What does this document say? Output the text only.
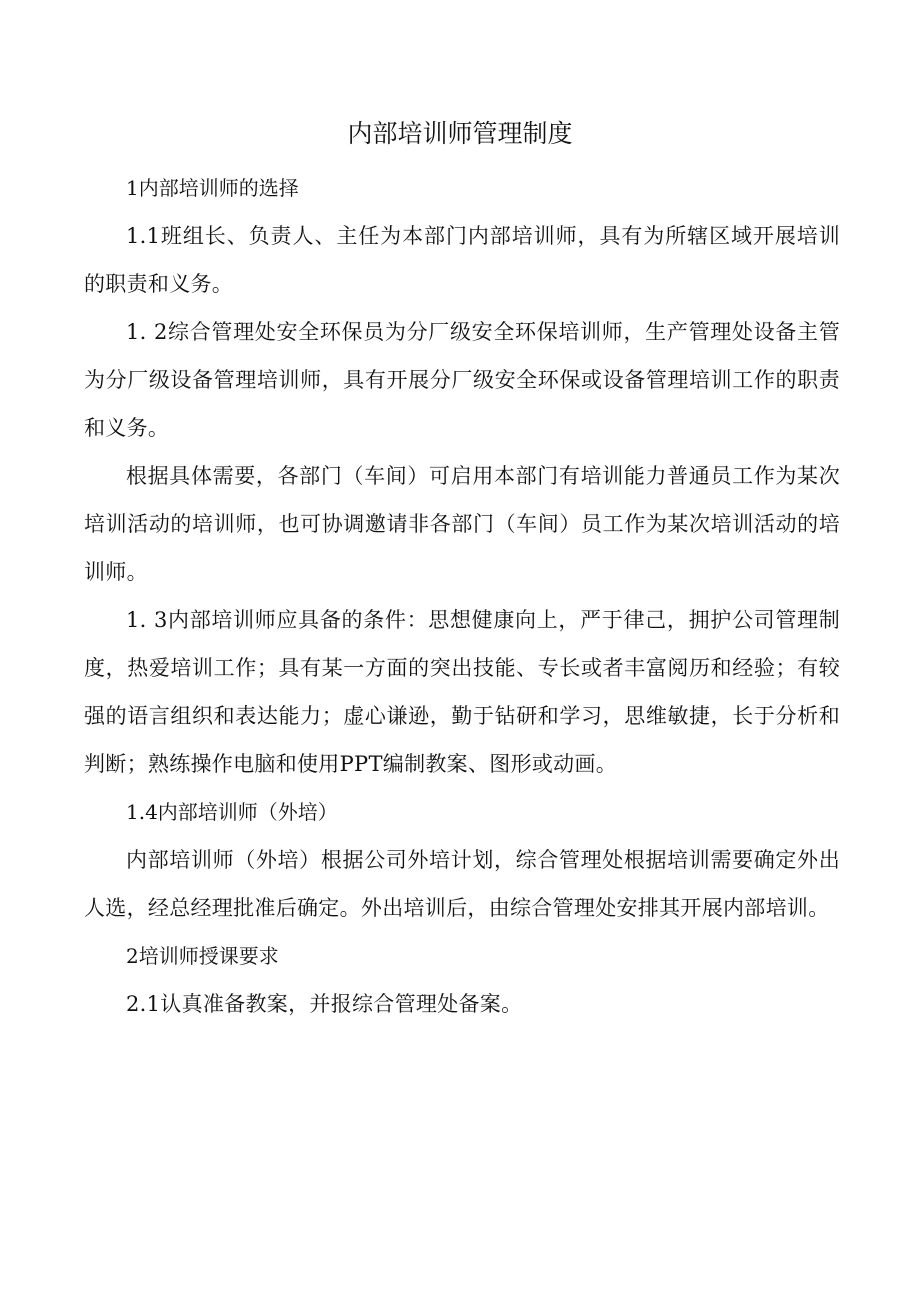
内部培训师管理制度

1内部培训师的选择

1.1班组长、负责人、主任为本部门内部培训师，具有为所辖区域开展培训的职责和义务。

1. 2综合管理处安全环保员为分厂级安全环保培训师，生产管理处设备主管为分厂级设备管理培训师，具有开展分厂级安全环保或设备管理培训工作的职责和义务。

根据具体需要，各部门（车间）可启用本部门有培训能力普通员工作为某次培训活动的培训师，也可协调邀请非各部门（车间）员工作为某次培训活动的培训师。

1. 3内部培训师应具备的条件：思想健康向上，严于律己，拥护公司管理制度，热爱培训工作；具有某一方面的突出技能、专长或者丰富阅历和经验；有较强的语言组织和表达能力；虚心谦逊，勤于钻研和学习，思维敏捷，长于分析和判断；熟练操作电脑和使用PPT编制教案、图形或动画。

1.4内部培训师（外培）

内部培训师（外培）根据公司外培计划，综合管理处根据培训需要确定外出人选，经总经理批准后确定。外出培训后，由综合管理处安排其开展内部培训。

2培训师授课要求

2.1认真准备教案，并报综合管理处备案。
